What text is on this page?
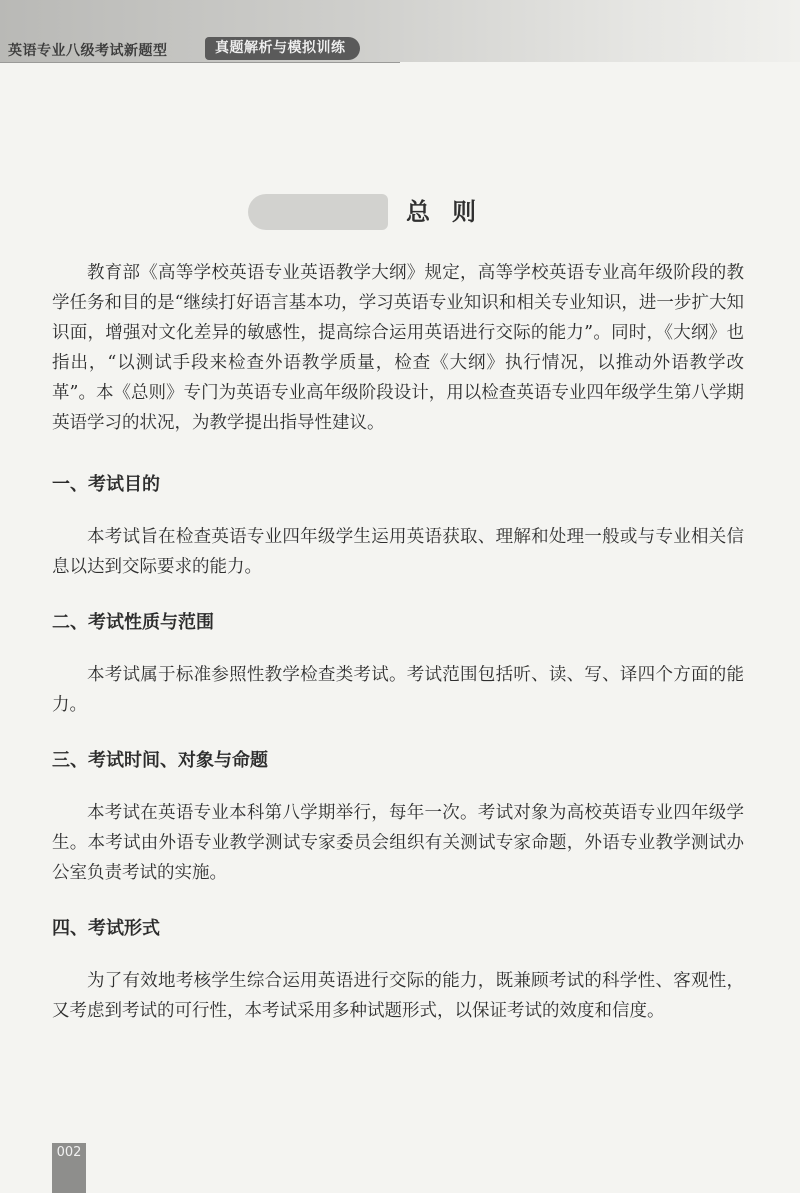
英语专业八级考试新题型	真题解析与模拟训练
总则

教育部《高等学校英语专业英语教学大纲》规定，高等学校英语专业高年级阶段的教学任务和目的是“继续打好语言基本功，学习英语专业知识和相关专业知识，进一步扩大知识面，增强对文化差异的敏感性，提高综合运用英语进行交际的能力”。同时，《大纲》也指出，“以测试手段来检查外语教学质量，检查《大纲》执行情况，以推动外语教学改革”。本《总则》专门为英语专业高年级阶段设计，用以检查英语专业四年级学生第八学期英语学习的状况，为教学提出指导性建议。

一、考试目的

本考试旨在检查英语专业四年级学生运用英语获取、理解和处理一般或与专业相关信息以达到交际要求的能力。

二、考试性质与范围

本考试属于标准参照性教学检查类考试。考试范围包括听、读、写、译四个方面的能力。

三、考试时间、对象与命题

本考试在英语专业本科第八学期举行，每年一次。考试对象为高校英语专业四年级学生。本考试由外语专业教学测试专家委员会组织有关测试专家命题，外语专业教学测试办公室负责考试的实施。

四、考试形式

为了有效地考核学生综合运用英语进行交际的能力，既兼顾考试的科学性、客观性，又考虑到考试的可行性，本考试采用多种试题形式，以保证考试的效度和信度。

002
